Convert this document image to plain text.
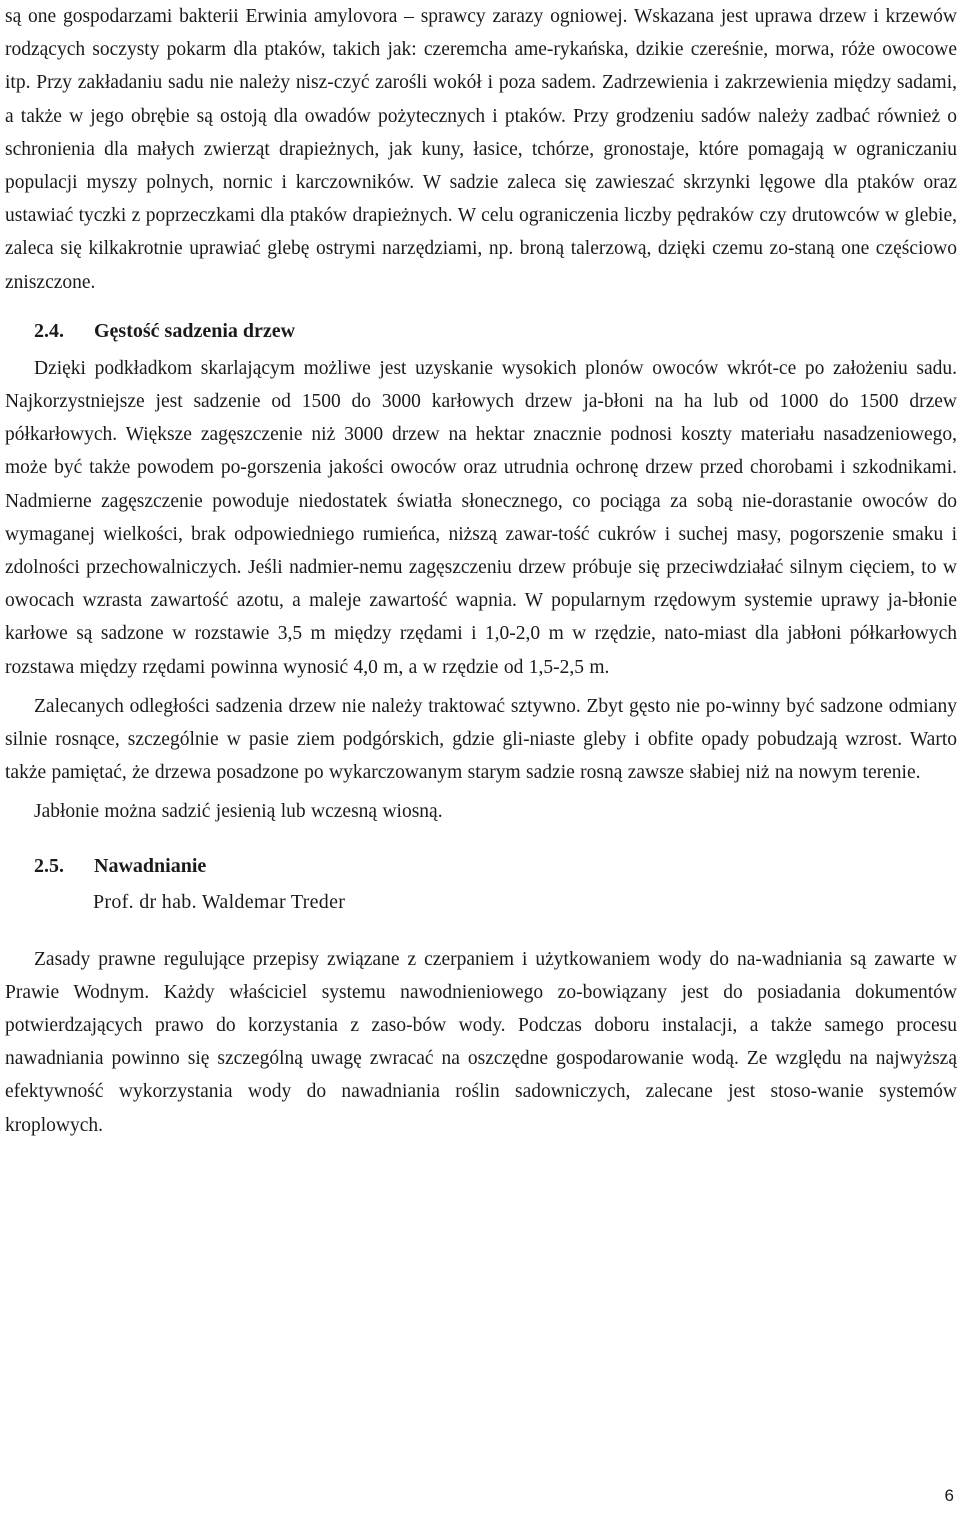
są one gospodarzami bakterii Erwinia amylovora – sprawcy zarazy ogniowej. Wskazana jest uprawa drzew i krzewów rodzących soczysty pokarm dla ptaków, takich jak: czeremcha ame-rykańska, dzikie czereśnie, morwa, róże owocowe itp. Przy zakładaniu sadu nie należy nisz-czyć zarośli wokół i poza sadem. Zadrzewienia i zakrzewienia między sadami, a także w jego obrębie są ostoją dla owadów pożytecznych i ptaków. Przy grodzeniu sadów należy zadbać również o schronienia dla małych zwierząt drapieżnych, jak kuny, łasice, tchórze, gronostaje, które pomagają w ograniczaniu populacji myszy polnych, nornic i karczowników. W sadzie zaleca się zawieszać skrzynki lęgowe dla ptaków oraz ustawiać tyczki z poprzeczkami dla ptaków drapieżnych. W celu ograniczenia liczby pędraków czy drutowców w glebie, zaleca się kilkakrotnie uprawiać glebę ostrymi narzędziami, np. broną talerzową, dzięki czemu zo-staną one częściowo zniszczone.

2.4. Gęstość sadzenia drzew

Dzięki podkładkom skarlającym możliwe jest uzyskanie wysokich plonów owoców wkrót-ce po założeniu sadu. Najkorzystniejsze jest sadzenie od 1500 do 3000 karłowych drzew ja-błoni na ha lub od 1000 do 1500 drzew półkarłowych. Większe zagęszczenie niż 3000 drzew na hektar znacznie podnosi koszty materiału nasadzeniowego, może być także powodem po-gorszenia jakości owoców oraz utrudnia ochronę drzew przed chorobami i szkodnikami. Nadmierne zagęszczenie powoduje niedostatek światła słonecznego, co pociąga za sobą nie-dorastanie owoców do wymaganej wielkości, brak odpowiedniego rumieńca, niższą zawar-tość cukrów i suchej masy, pogorszenie smaku i zdolności przechowalniczych. Jeśli nadmier-nemu zagęszczeniu drzew próbuje się przeciwdziałać silnym cięciem, to w owocach wzrasta zawartość azotu, a maleje zawartość wapnia. W popularnym rzędowym systemie uprawy ja-błonie karłowe są sadzone w rozstawie 3,5 m między rzędami i 1,0-2,0 m w rzędzie, nato-miast dla jabłoni półkarłowych rozstawa między rzędami powinna wynosić 4,0 m, a w rzędzie od 1,5-2,5 m.

Zalecanych odległości sadzenia drzew nie należy traktować sztywno. Zbyt gęsto nie po-winny być sadzone odmiany silnie rosnące, szczególnie w pasie ziem podgórskich, gdzie gli-niaste gleby i obfite opady pobudzają wzrost. Warto także pamiętać, że drzewa posadzone po wykarczowanym starym sadzie rosną zawsze słabiej niż na nowym terenie.

Jabłonie można sadzić jesienią lub wczesną wiosną.

2.5. Nawadnianie
Prof. dr hab. Waldemar Treder

Zasady prawne regulujące przepisy związane z czerpaniem i użytkowaniem wody do na-wadniania są zawarte w Prawie Wodnym. Każdy właściciel systemu nawodnieniowego zo-bowiązany jest do posiadania dokumentów potwierdzających prawo do korzystania z zaso-bów wody. Podczas doboru instalacji, a także samego procesu nawadniania powinno się szczególną uwagę zwracać na oszczędne gospodarowanie wodą. Ze względu na najwyższą efektywność wykorzystania wody do nawadniania roślin sadowniczych, zalecane jest stoso-wanie systemów kroplowych.

6
